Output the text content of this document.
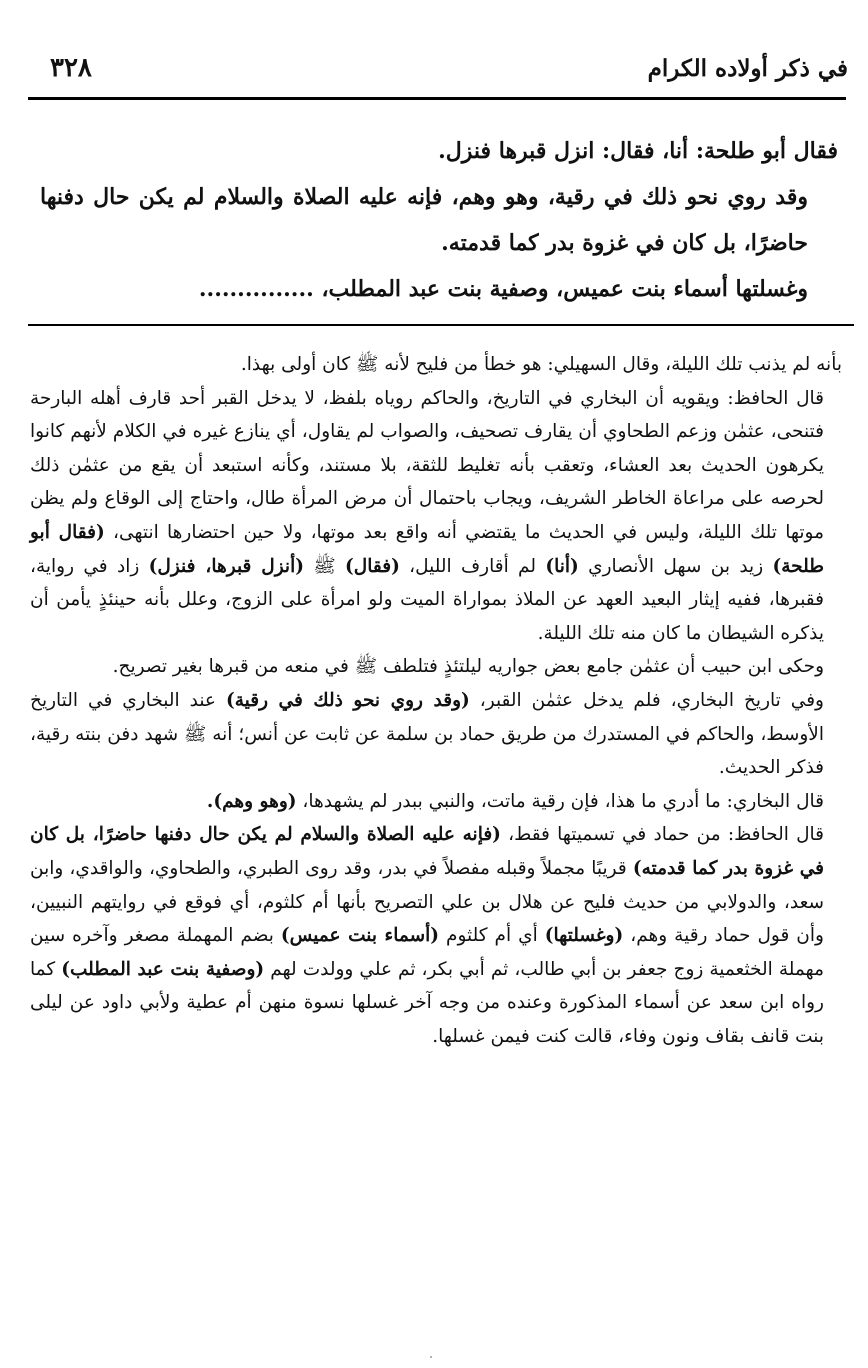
في ذكر أولاده الكرام
٣٢٨

فقال أبو طلحة: أنا، فقال: انزل قبرها فنزل.

وقد روي نحو ذلك في رقية، وهو وهم، فإنه عليه الصلاة والسلام لم يكن حال دفنها حاضرًا، بل كان في غزوة بدر كما قدمته.

وغسلتها أسماء بنت عميس، وصفية بنت عبد المطلب، ...............

بأنه لم يذنب تلك الليلة، وقال السهيلي: هو خطأ من فليح لأنه ﷺ كان أولى بهذا.

قال الحافظ: ويقويه أن البخاري في التاريخ، والحاكم روياه بلفظ، لا يدخل القبر أحد قارف أهله البارحة فتنحى، عثمٰن وزعم الطحاوي أن يقارف تصحيف، والصواب لم يقاول، أي ينازع غيره في الكلام لأنهم كانوا يكرهون الحديث بعد العشاء، وتعقب بأنه تغليط للثقة، بلا مستند، وكأنه استبعد أن يقع من عثمٰن ذلك لحرصه على مراعاة الخاطر الشريف، ويجاب باحتمال أن مرض المرأة طال، واحتاج إلى الوقاع ولم يظن موتها تلك الليلة، وليس في الحديث ما يقتضي أنه واقع بعد موتها، ولا حين احتضارها انتهى، (فقال أبو طلحة) زيد بن سهل الأنصاري (أنا) لم أقارف الليل، (فقال) ﷺ (أنزل قبرها، فنزل) زاد في رواية، فقبرها، ففيه إيثار البعيد العهد عن الملاذ بمواراة الميت ولو امرأة على الزوج، وعلل بأنه حينئذٍ يأمن أن يذكره الشيطان ما كان منه تلك الليلة.

وحكى ابن حبيب أن عثمٰن جامع بعض جواريه ليلتئذٍ فتلطف ﷺ في منعه من قبرها بغير تصريح.

وفي تاريخ البخاري، فلم يدخل عثمٰن القبر، (وقد روي نحو ذلك في رقية) عند البخاري في التاريخ الأوسط، والحاكم في المستدرك من طريق حماد بن سلمة عن ثابت عن أنس؛ أنه ﷺ شهد دفن بنته رقية، فذكر الحديث.

قال البخاري: ما أدري ما هذا، فإن رقية ماتت، والنبي ببدر لم يشهدها، (وهو وهم).

قال الحافظ: من حماد في تسميتها فقط، (فإنه عليه الصلاة والسلام لم يكن حال دفنها حاضرًا، بل كان في غزوة بدر كما قدمته) قريبًا مجملاً وقبله مفصلاً في بدر، وقد روى الطبري، والطحاوي، والواقدي، وابن سعد، والدولابي من حديث فليح عن هلال بن علي التصريح بأنها أم كلثوم، أي فوقع في روايتهم النبيين، وأن قول حماد رقية وهم، (وغسلتها) أي أم كلثوم (أسماء بنت عميس) بضم المهملة مصغر وآخره سين مهملة الخثعمية زوج جعفر بن أبي طالب، ثم أبي بكر، ثم علي وولدت لهم (وصفية بنت عبد المطلب) كما رواه ابن سعد عن أسماء المذكورة وعنده من وجه آخر غسلها نسوة منهن أم عطية ولأبي داود عن ليلى بنت قانف بقاف ونون وفاء، قالت كنت فيمن غسلها.
